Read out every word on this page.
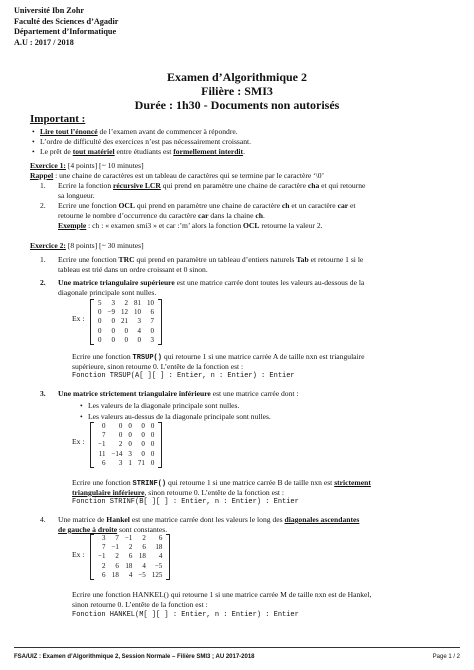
Université Ibn Zohr
Faculté des Sciences d’Agadir
Département d’Informatique
A.U : 2017 / 2018
Examen d’Algorithmique 2
Filière : SMI3
Durée : 1h30 - Documents non autorisés
Important :
• Lire tout l’énoncé de l’examen avant de commencer à répondre.
• L’ordre de difficulté des exercices n’est pas nécessairement croissant.
• Le prêt de tout matériel entre étudiants est formellement interdit.
Exercice 1: [4 points] [~ 10 minutes]
Rappel : une chaine de caractères est un tableau de caractères qui se termine par le caractère ‘\0’
1. Ecrire la fonction récursive LCR qui prend en paramètre une chaine de caractère cha et qui retourne
sa longueur.
2. Ecrire une fonction OCL qui prend en paramètre une chaine de caractère ch et un caractère car et
retourne le nombre d’occurrence du caractère car dans la chaine ch.
Exemple : ch : « examen smi3 » et car :’m’ alors la fonction OCL retourne la valeur 2.
Exercice 2: [8 points] [~ 30 minutes]
1. Ecrire une fonction TRC qui prend en paramètre un tableau d’entiers naturels Tab et retourne 1 si le
tableau est trié dans un ordre croissant et 0 sinon.
2. Une matrice triangulaire supérieure est une matrice carrée dont toutes les valeurs au-dessous de la
diagonale principale sont nulles.
Ex :
5	3	2	81	10
0	−9	12	10	6
0	0	21	3	7
0	0	0	4	0
0	0	0	0	3
Ecrire une fonction TRSUP() qui retourne 1 si une matrice carrée A de taille nxn est triangulaire
supérieure, sinon retourne 0. L’entête de la fonction est :
Fonction TRSUP(A[ ][ ] : Entier, n : Entier) : Entier
3. Une matrice strictement triangulaire inférieure est une matrice carrée dont :
• Les valeurs de la diagonale principale sont nulles.
• Les valeurs au-dessus de la diagonale principale sont nulles.
Ex :
0	0	0	0	0
7	0	0	0	0
−1	2	0	0	0
11	−14	3	0	0
6	3	1	71	0
Ecrire une fonction STRINF() qui retourne 1 si une matrice carrée B de taille nxn est strictement
triangulaire inférieure, sinon retourne 0. L’entête de la fonction est :
Fonction STRINF(B[ ][ ] : Entier, n : Entier) : Entier
4. Une matrice de Hankel est une matrice carrée dont les valeurs le long des diagonales ascendantes
de gauche à droite sont constantes.
Ex :
3	7	−1	2	6
7	−1	2	6	18
−1	2	6	18	4
2	6	18	4	−5
6	18	4	−5	125
Ecrire une fonction HANKEL() qui retourne 1 si une matrice carrée M de taille nxn est de Hankel,
sinon retourne 0. L’entête de la fonction est :
Fonction HANKEL(M[ ][ ] : Entier, n : Entier) : Entier
FSA/UIZ : Examen d’Algorithmique 2, Session Normale – Filière SMI3 ; AU 2017-2018	Page 1 / 2
